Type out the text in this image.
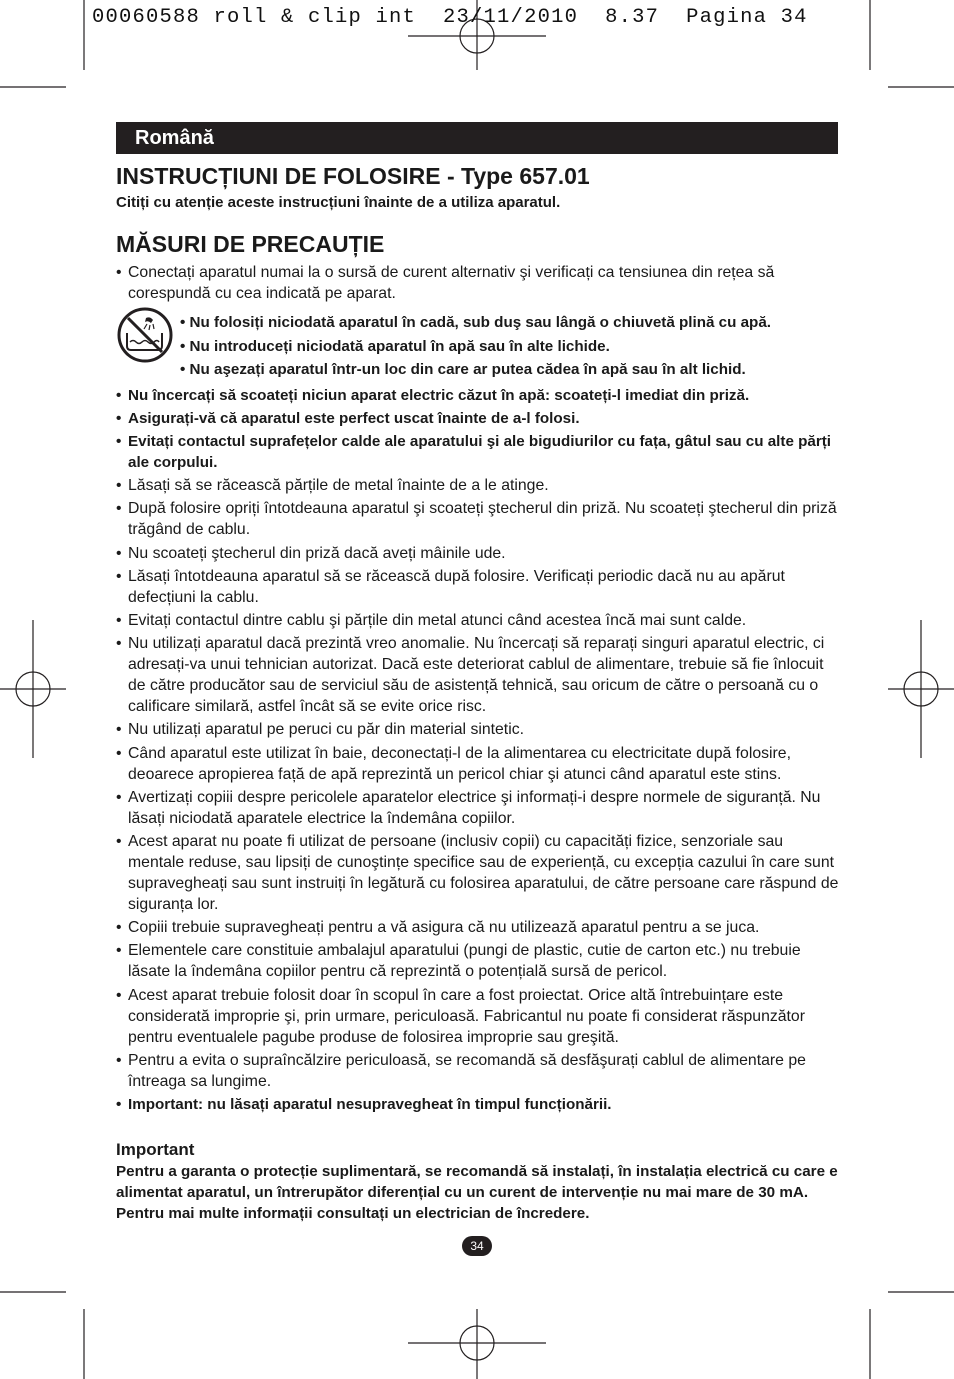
00060588 roll & clip int  23/11/2010  8.37  Pagina 34
Română
INSTRUCȚIUNI DE FOLOSIRE - Type 657.01

Citiți cu atenție aceste instrucțiuni înainte de a utiliza aparatul.

MĂSURI DE PRECAUȚIE
• Conectați aparatul numai la o sursă de curent alternativ şi verificați ca tensiunea din rețea să corespundă cu cea indicată pe aparat.
• Nu folosiți niciodată aparatul în cadă, sub duş sau lângă o chiuvetă plină cu apă.
• Nu introduceți niciodată aparatul în apă sau în alte lichide.
• Nu aşezați aparatul într-un loc din care ar putea cădea în apă sau în alt lichid.
• Nu încercați să scoateți niciun aparat electric căzut în apă: scoateți-l imediat din priză.
• Asigurați-vă că aparatul este perfect uscat înainte de a-l folosi.
• Evitați contactul suprafețelor calde ale aparatului şi ale bigudiurilor cu fața, gâtul sau cu alte părți ale corpului.
• Lăsați să se răcească părțile de metal înainte de a le atinge.
• După folosire opriți întotdeauna aparatul şi scoateți ştecherul din priză. Nu scoateți ştecherul din priză trăgând de cablu.
• Nu scoateți ştecherul din priză dacă aveți mâinile ude.
• Lăsați întotdeauna aparatul să se răcească după folosire. Verificați periodic dacă nu au apărut defecțiuni la cablu.
• Evitați contactul dintre cablu şi părțile din metal atunci când acestea încă mai sunt calde.
• Nu utilizați aparatul dacă prezintă vreo anomalie. Nu încercați să reparați singuri aparatul electric, ci adresați-va unui tehnician autorizat. Dacă este deteriorat cablul de alimentare, trebuie să fie înlocuit de către producător sau de serviciul său de asistență tehnică, sau oricum de către o persoană cu o calificare similară, astfel încât să se evite orice risc.
• Nu utilizați aparatul pe peruci cu păr din material sintetic.
• Când aparatul este utilizat în baie, deconectați-l de la alimentarea cu electricitate după folosire, deoarece apropierea față de apă reprezintă un pericol chiar şi atunci când aparatul este stins.
• Avertizați copiii despre pericolele aparatelor electrice şi informați-i despre normele de siguranță. Nu lăsați niciodată aparatele electrice la îndemâna copiilor.
• Acest aparat nu poate fi utilizat de persoane (inclusiv copii) cu capacități fizice, senzoriale sau mentale reduse, sau lipsiți de cunoştințe specifice sau de experiență, cu excepția cazului în care sunt supravegheați sau sunt instruiți în legătură cu folosirea aparatului, de către persoane care răspund de siguranța lor.
• Copiii trebuie supravegheați pentru a vă asigura că nu utilizează aparatul pentru a se juca.
• Elementele care constituie ambalajul aparatului (pungi de plastic, cutie de carton etc.) nu trebuie lăsate la îndemâna copiilor pentru că reprezintă o potențială sursă de pericol.
• Acest aparat trebuie folosit doar în scopul în care a fost proiectat. Orice altă întrebuințare este considerată improprie şi, prin urmare, periculoasă. Fabricantul nu poate fi considerat răspunzător pentru eventualele pagube produse de folosirea improprie sau greşită.
• Pentru a evita o supraîncălzire periculoasă, se recomandă să desfăşurați cablul de alimentare pe întreaga sa lungime.
• Important: nu lăsați aparatul nesupravegheat în timpul funcționării.
Important
Pentru a garanta o protecție suplimentară, se recomandă să instalați, în instalația electrică cu care e alimentat aparatul, un întrerupător diferențial cu un curent de intervenție nu mai mare de 30 mA. Pentru mai multe informații consultați un electrician de încredere.
34
